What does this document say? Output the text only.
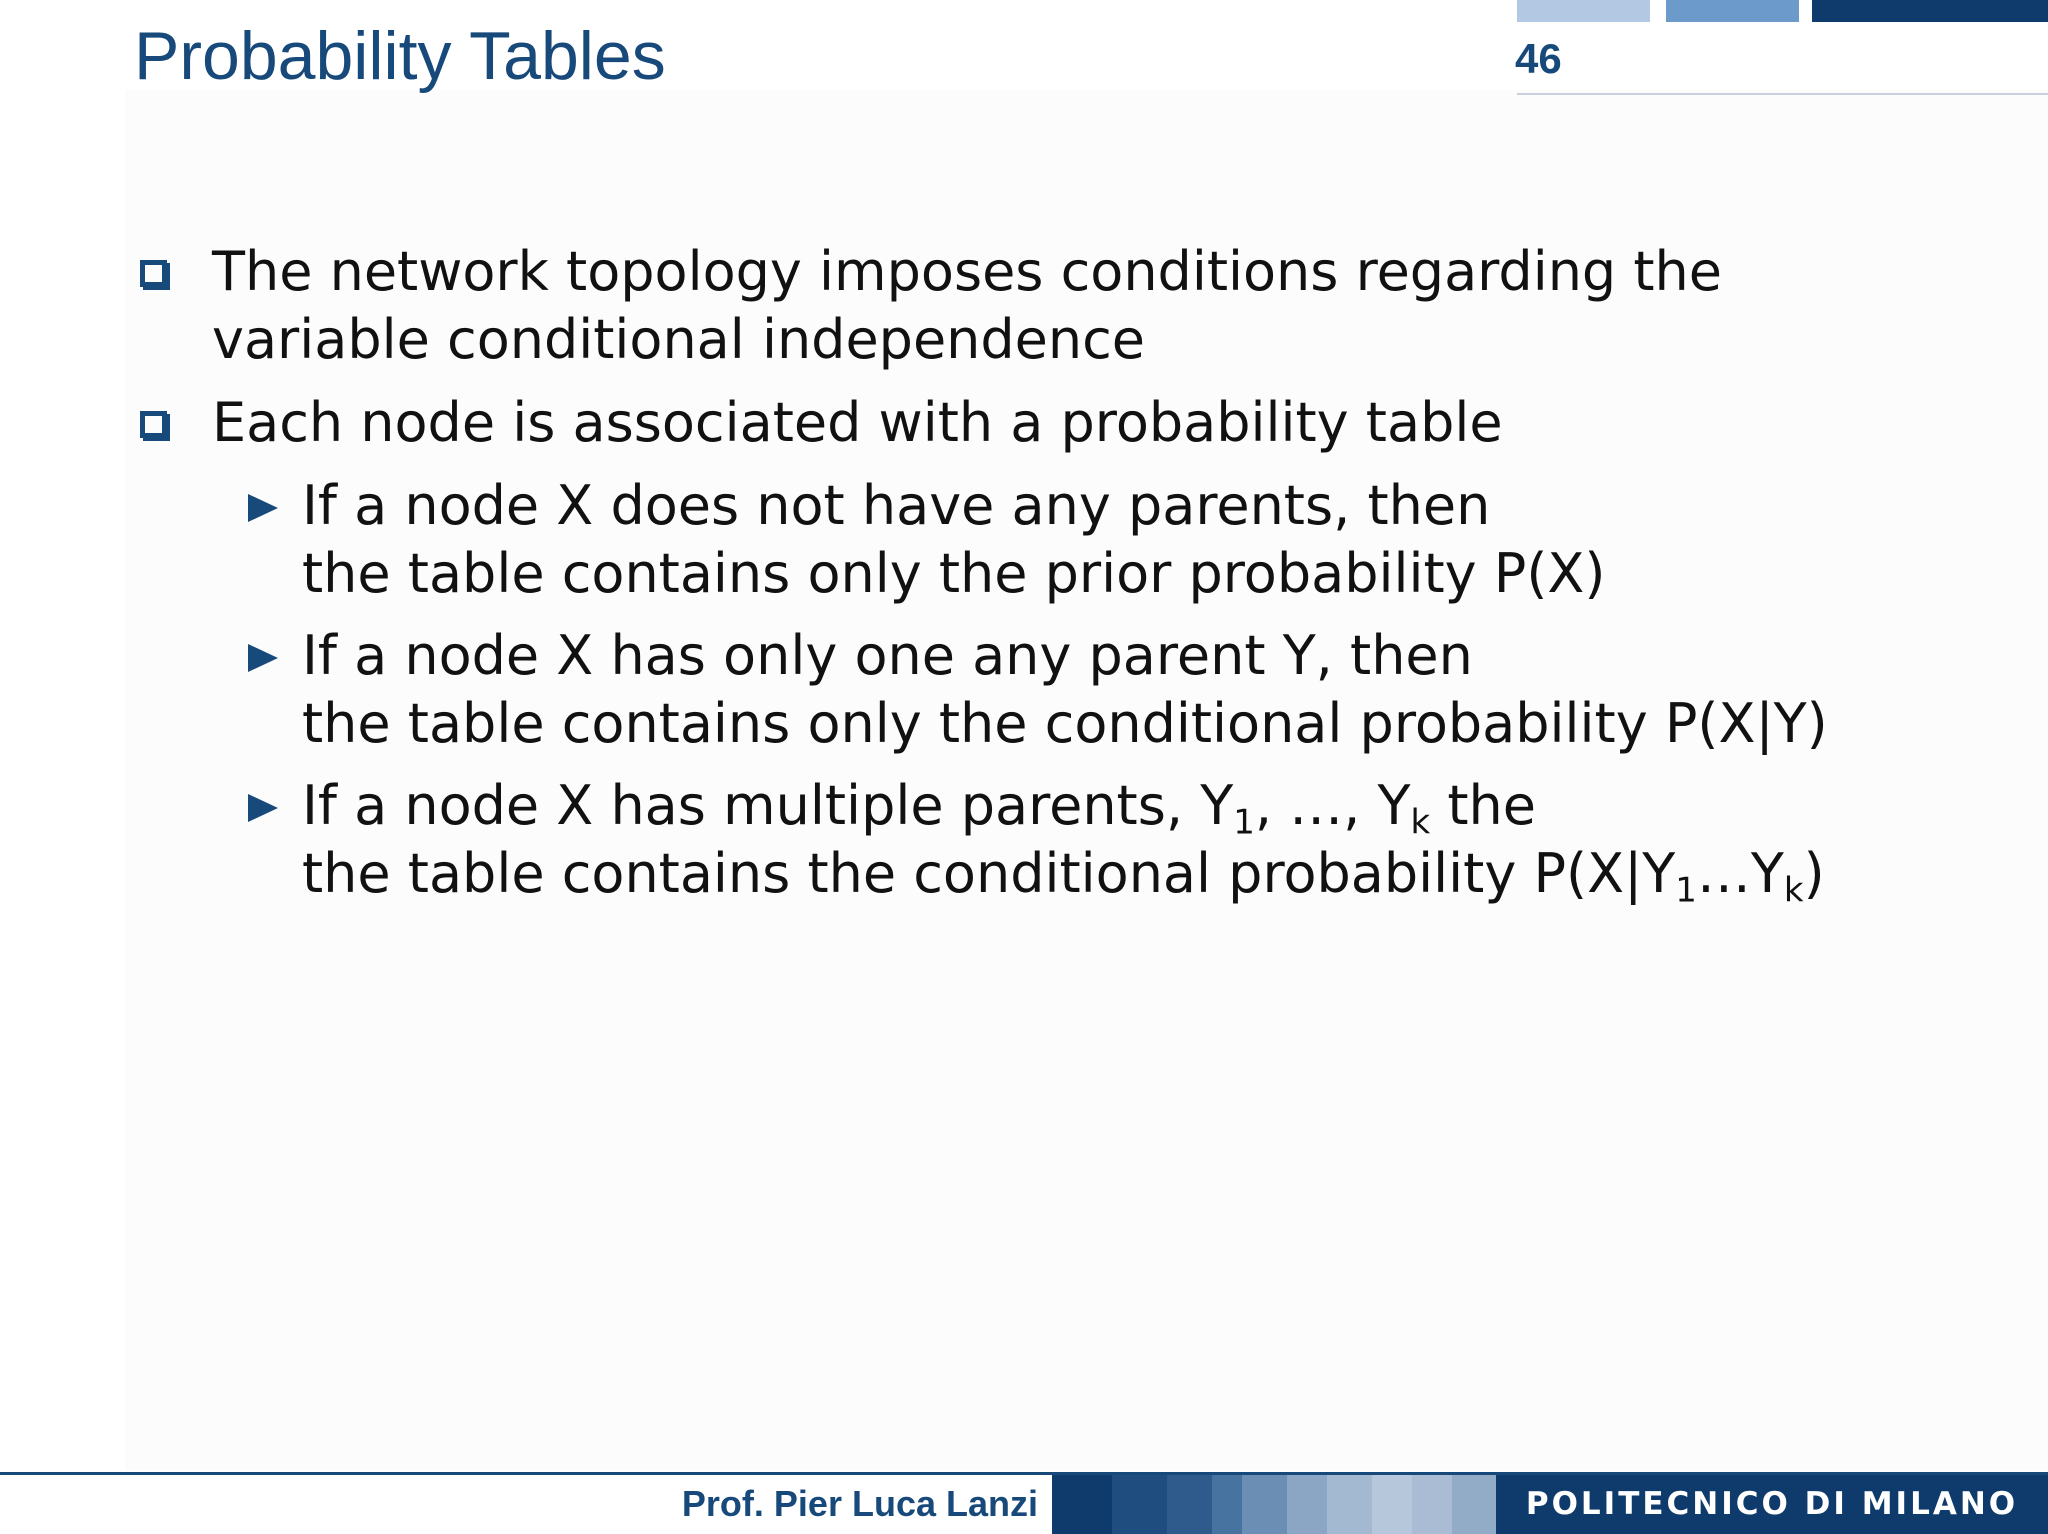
Probability Tables	46
The network topology imposes conditions regarding the
variable conditional independence
Each node is associated with a probability table
If a node X does not have any parents, then
the table contains only the prior probability P(X)
If a node X has only one any parent Y, then
the table contains only the conditional probability P(X|Y)
If a node X has multiple parents, $Y_1$, …, $Y_k$ the
the table contains the conditional probability $P(X|Y_1\dots Y_k)$
Prof. Pier Luca Lanzi	POLITECNICO DI MILANO
